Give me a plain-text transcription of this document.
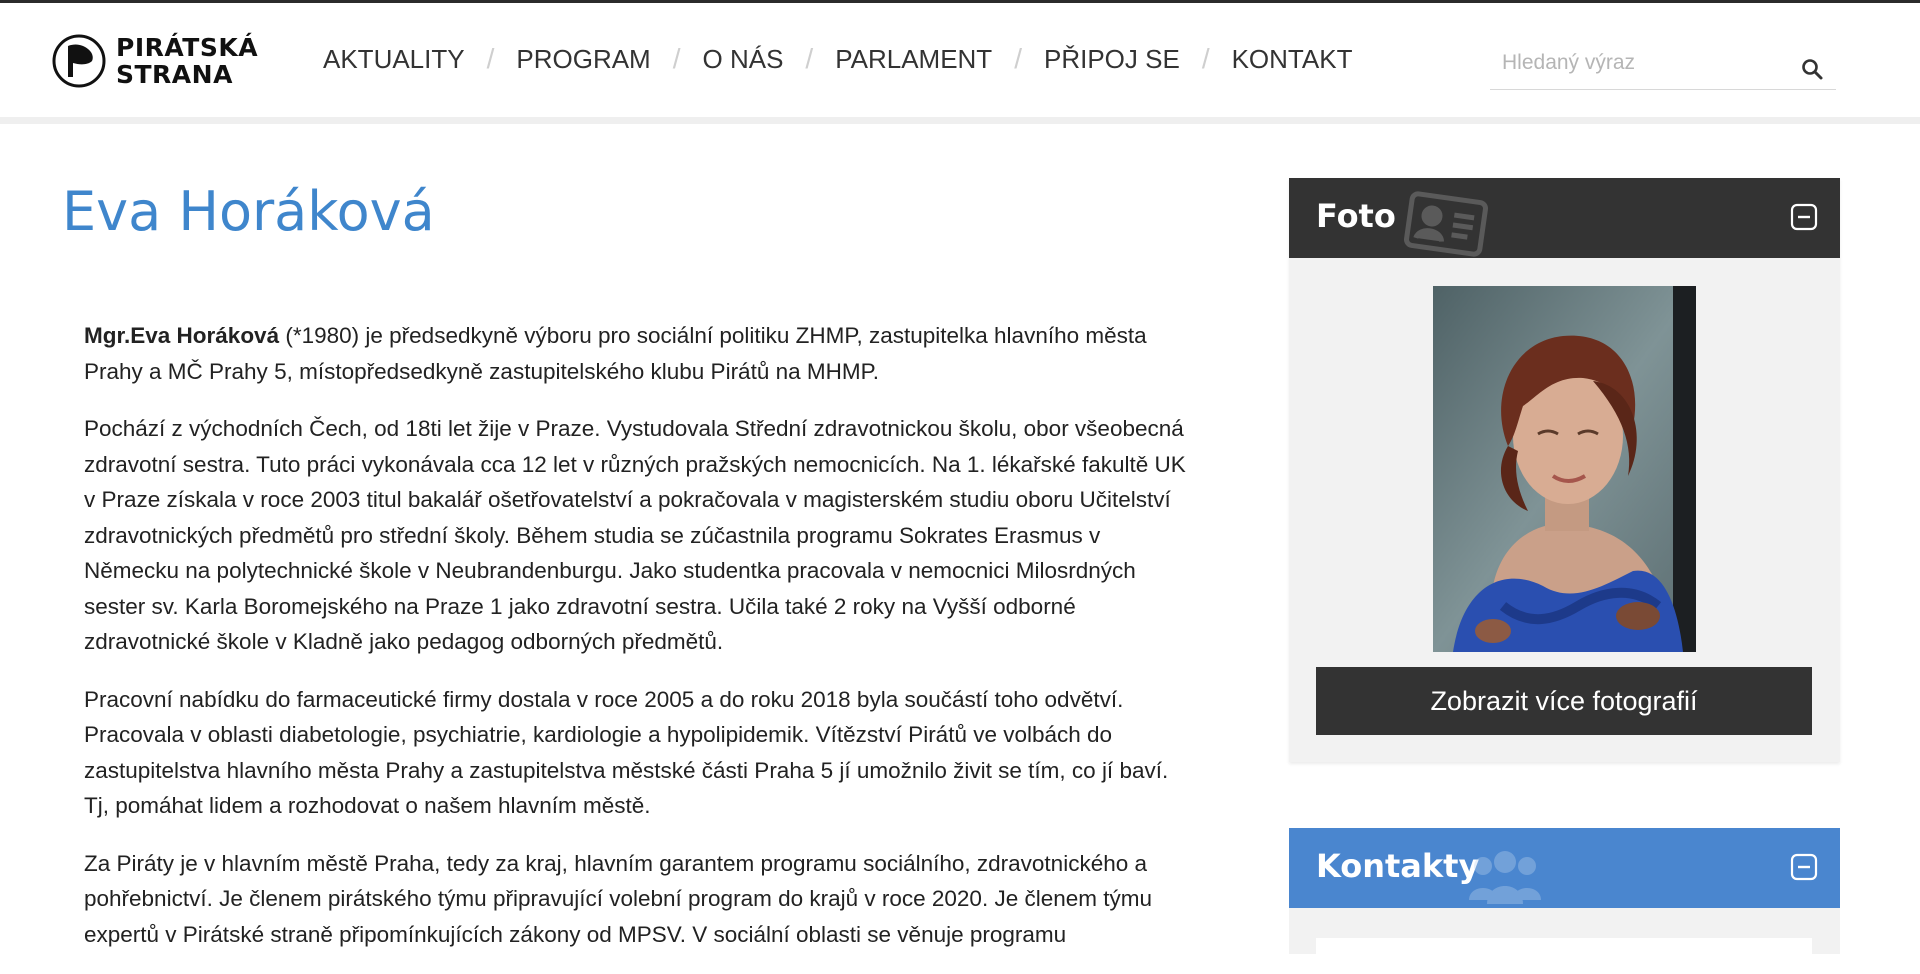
PIRÁTSKÁ
STRANA
AKTUALITY / PROGRAM / O NÁS / PARLAMENT / PŘIPOJ SE / KONTAKT
Hledaný výraz
Eva Horáková

Mgr.Eva Horáková (*1980) je předsedkyně výboru pro sociální politiku ZHMP, zastupitelka hlavního města Prahy a MČ Prahy 5, místopředsedkyně zastupitelského klubu Pirátů na MHMP.

Pochází z východních Čech, od 18ti let žije v Praze. Vystudovala Střední zdravotnickou školu, obor všeobecná zdravotní sestra. Tuto práci vykonávala cca 12 let v různých pražských nemocnicích. Na 1. lékařské fakultě UK v Praze získala v roce 2003 titul bakalář ošetřovatelství a pokračovala v magisterském studiu oboru Učitelství zdravotnických předmětů pro střední školy. Během studia se zúčastnila programu Sokrates Erasmus v Německu na polytechnické škole v Neubrandenburgu. Jako studentka pracovala v nemocnici Milosrdných sester sv. Karla Boromejského na Praze 1 jako zdravotní sestra. Učila také 2 roky na Vyšší odborné zdravotnické škole v Kladně jako pedagog odborných předmětů.

Pracovní nabídku do farmaceutické firmy dostala v roce 2005 a do roku 2018 byla součástí toho odvětví. Pracovala v oblasti diabetologie, psychiatrie, kardiologie a hypolipidemik. Vítězství Pirátů ve volbách do zastupitelstva hlavního města Prahy a zastupitelstva městské části Praha 5 jí umožnilo živit se tím, co jí baví. Tj, pomáhat lidem a rozhodovat o našem hlavním městě.

Za Piráty je v hlavním městě Praha, tedy za kraj, hlavním garantem programu sociálního, zdravotnického a pohřebnictví. Je členem pirátského týmu připravující volební program do krajů v roce 2020. Je členem týmu expertů v Pirátské straně připomínkujících zákony od MPSV. V sociální oblasti se věnuje programu

Foto
Zobrazit více fotografií
Kontakty
